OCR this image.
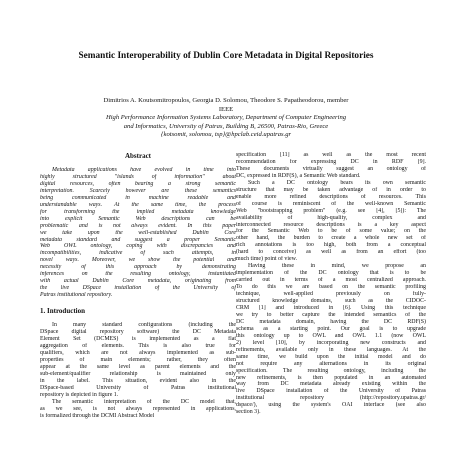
Semantic Interoperability of Dublin Core Metadata in Digital Repositories
Dimitrios A. Koutsomitropoulos, Georgia D. Solomou, Theodore S. Papatheodorou, member
IEEE
High Performance Information Systems Laboratory, Department of Computer Engineering
and Informatics, University of Patras, Building B, 26500, Patras-Rio, Greece
{kotsomit, solomou, tsp}@hpclab.ceid.upatras.gr
Abstract
Metadata applications have evolved in time into
highly structured "islands of information" about
digital resources, often bearing a strong semantic
interpretation. Scarcely however are these semantics
being communicated in machine readable and
understandable ways. At the same time, the process
for transforming the implied metadata knowledge
into explicit Semantic Web descriptions can be
problematic and is not always evident. In this paper
we take upon the well-established Dublin Core
metadata standard and suggest a proper Semantic
Web OWL ontology, coping with discrepancies and
incompatibilities, indicative of such attempts, in
novel ways. Moreover, we show the potential and
necessity of this approach by demonstrating
inferences on the resulting ontology, instantiated
with actual Dublin Core metadata, originating from
the live DSpace installation of the University of
Patras institutional repository.
1. Introduction
In many standard configurations (including the
DSpace digital repository software) the DC Metadata
Element Set (DCMES) is implemented as a flat
aggregation of elements. This is also true for
qualifiers, which are not always implemented as sub-
properties of main elements; rather, they often
appear at the same level as parent elements and the
sub-element/qualifier relationship is maintained only
in the label. This situation, evident also in the
DSpace-based University of Patras institutional
repository is depicted in figure 1.
The semantic interpretation of the DC model that,
as we see, is not always represented in applications,
is formalized through the DCMI Abstract Model
specification [11] as well as the most recent
recommendation for expressing DC in RDF [9].
These documents virtually suggest an ontology of
DC, expressed in RDF(S), a Semantic Web standard.
Such a DC ontology bears its own semantic
structure that may be taken advantage of in order to
enable more refined descriptions of resources. This
of course is reminiscent of the well-known Semantic
Web "bootstrapping problem" (e.g. see [4], [5]): The
availability of high-quality, complex and
interconnected resource descriptions is a key aspect
for the Semantic Web to be of some value; on the
other hand, the burden to create a whole new set of
rich annotations is too high, both from a conceptual
(hard to conceive) as well as from an effort (too
much time) point of view.
Having these in mind, we propose an
implementation of the DC ontology that is to be
carried out in terms of a most centralized approach.
To do this we are based on the semantic profiling
technique, well-applied previously on fully-
structured knowledge domains, such as the CIDOC-
CRM [1] and introduced in [6]. Using this technique
we try to better capture the intended semantics of the
DC metadata domain, having the DC RDF(S)
schema as a starting point. Our goal is to upgrade
this ontology up to OWL and OWL 1.1 (now OWL
2) level [10], by incorporating new constructs and
refinements, available only in these languages. At the
same time, we build upon the initial model and do
not require any alternations in its original
specification. The resulting ontology, including the
new refinements, is then populated in an automated
way from DC metadata already existing within the
live DSpace installation of the University of Patras
institutional repository (http://repository.upatras.gr/
dspace/), using the system's OAI interface (see also
section 3).
